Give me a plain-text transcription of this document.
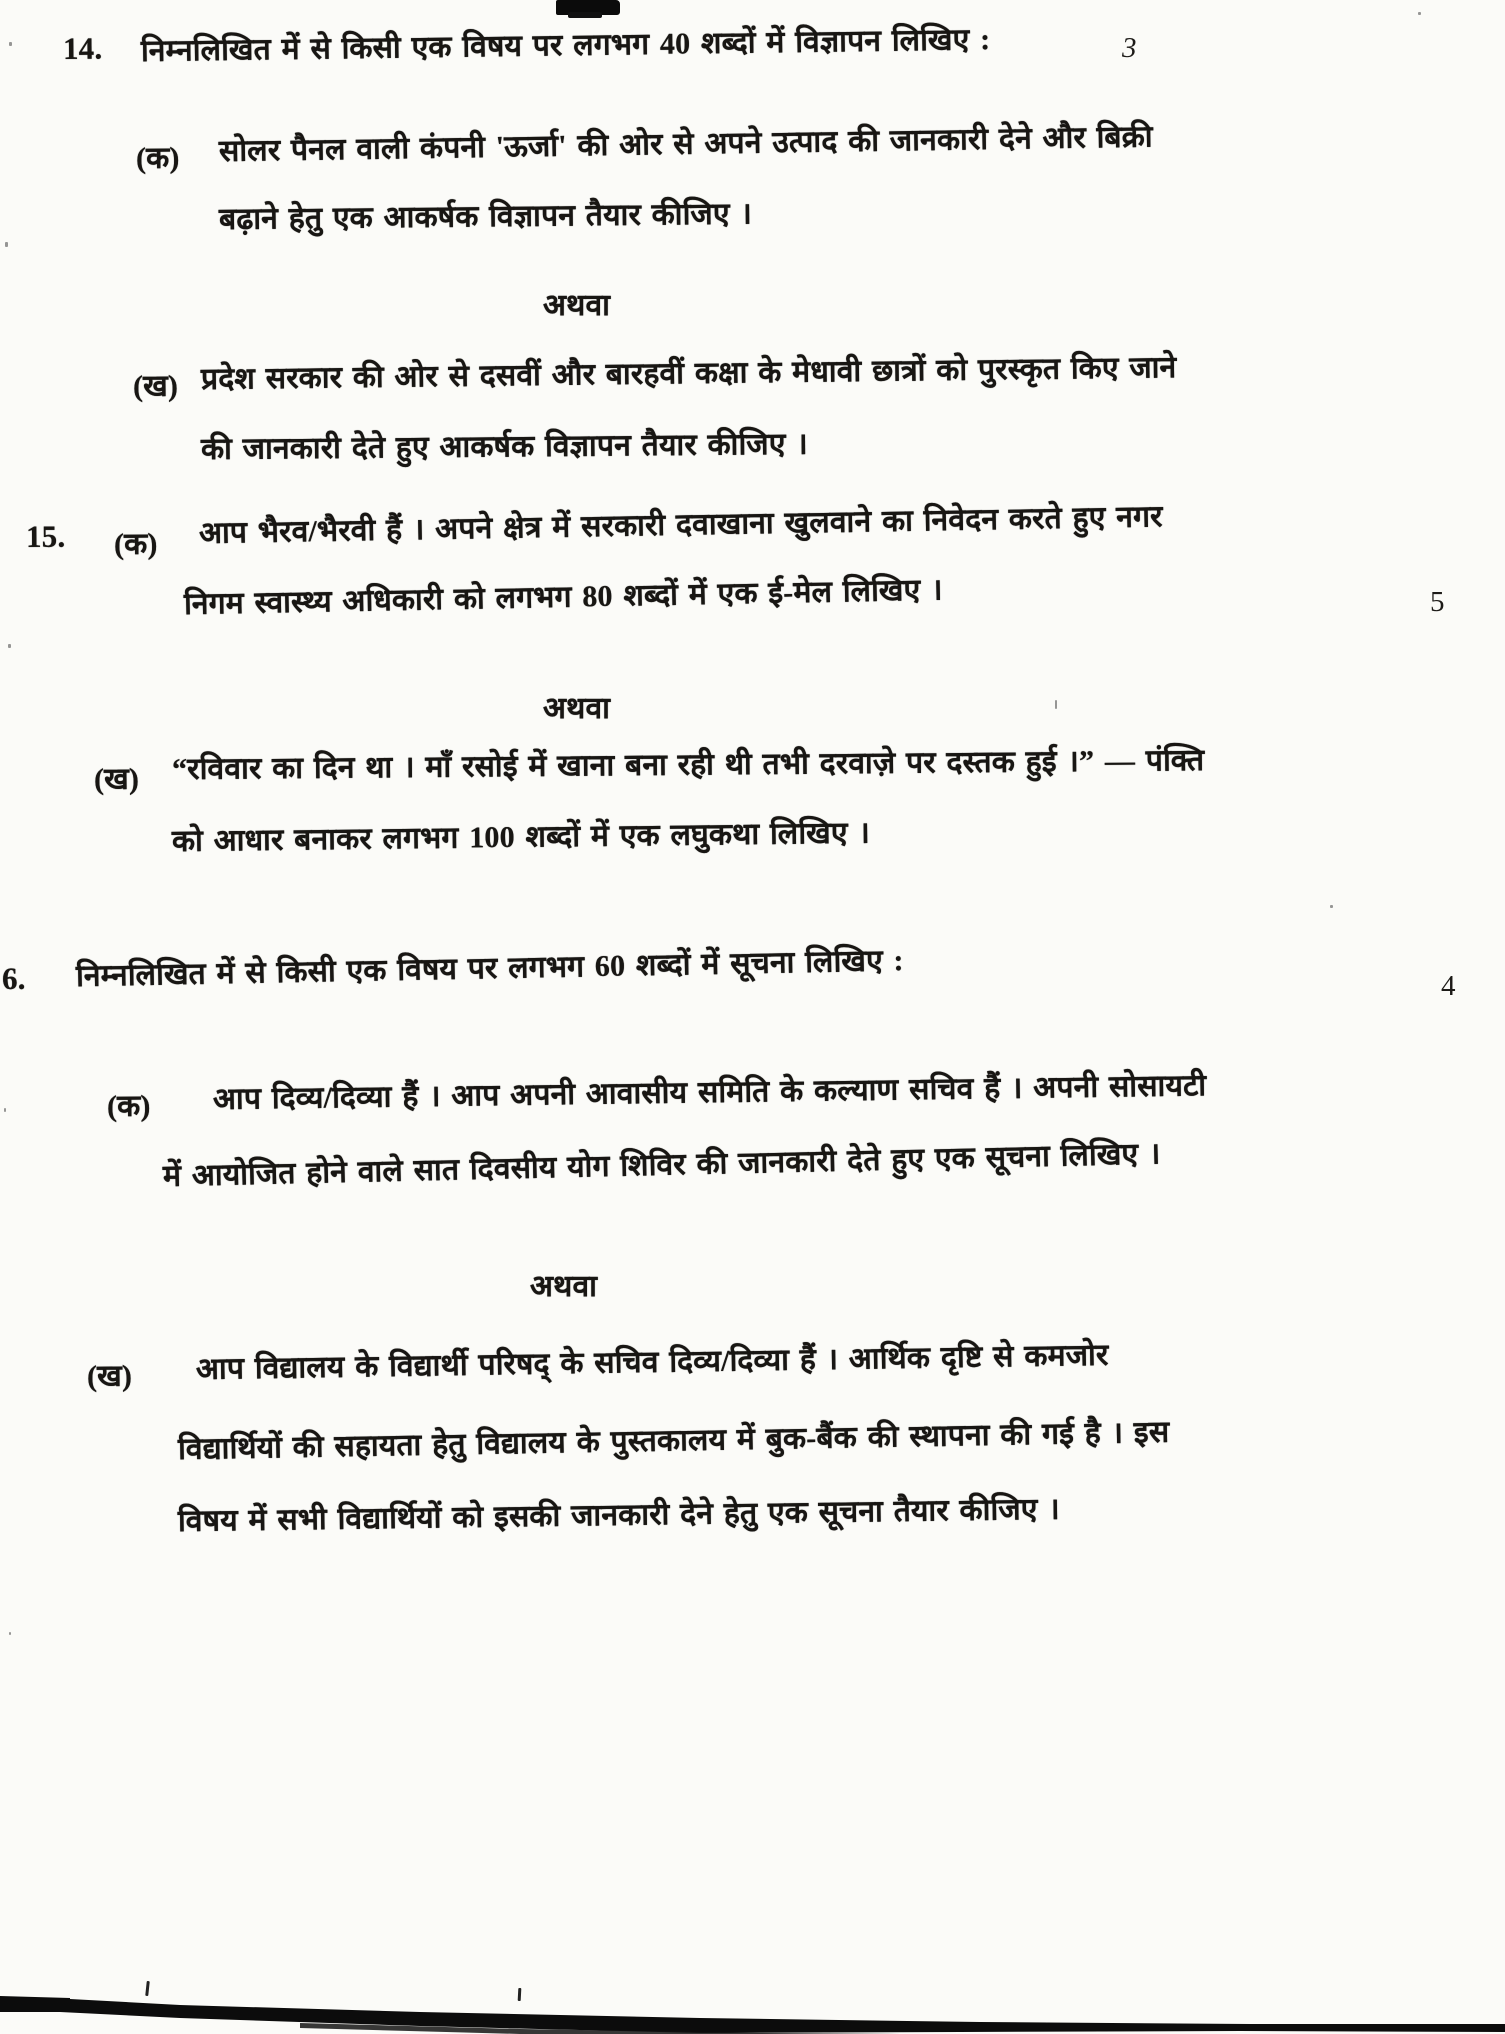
14. निम्नलिखित में से किसी एक विषय पर लगभग 40 शब्दों में विज्ञापन लिखिए :	3
(क) सोलर पैनल वाली कंपनी 'ऊर्जा' की ओर से अपने उत्पाद की जानकारी देने और बिक्री
बढ़ाने हेतु एक आकर्षक विज्ञापन तैयार कीजिए ।
अथवा
(ख) प्रदेश सरकार की ओर से दसवीं और बारहवीं कक्षा के मेधावी छात्रों को पुरस्कृत किए जाने
की जानकारी देते हुए आकर्षक विज्ञापन तैयार कीजिए ।
15. (क) आप भैरव/भैरवी हैं । अपने क्षेत्र में सरकारी दवाखाना खुलवाने का निवेदन करते हुए नगर
निगम स्वास्थ्य अधिकारी को लगभग 80 शब्दों में एक ई-मेल लिखिए ।	5
अथवा
(ख) “रविवार का दिन था । माँ रसोई में खाना बना रही थी तभी दरवाज़े पर दस्तक हुई ।” — पंक्ति
को आधार बनाकर लगभग 100 शब्दों में एक लघुकथा लिखिए ।
6. निम्नलिखित में से किसी एक विषय पर लगभग 60 शब्दों में सूचना लिखिए :	4
(क) आप दिव्य/दिव्या हैं । आप अपनी आवासीय समिति के कल्याण सचिव हैं । अपनी सोसायटी
में आयोजित होने वाले सात दिवसीय योग शिविर की जानकारी देते हुए एक सूचना लिखिए ।
अथवा
(ख) आप विद्यालय के विद्यार्थी परिषद् के सचिव दिव्य/दिव्या हैं । आर्थिक दृष्टि से कमजोर
विद्यार्थियों की सहायता हेतु विद्यालय के पुस्तकालय में बुक-बैंक की स्थापना की गई है । इस
विषय में सभी विद्यार्थियों को इसकी जानकारी देने हेतु एक सूचना तैयार कीजिए ।
